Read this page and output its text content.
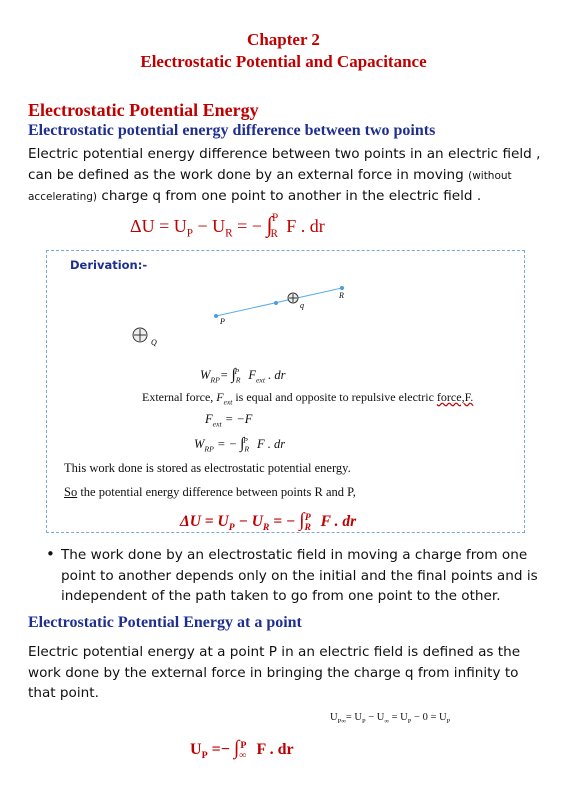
Chapter 2
Electrostatic Potential and Capacitance
Electrostatic Potential Energy
Electrostatic potential energy difference between two points
Electric potential energy difference between two points in an electric field ,
can be defined as the work done by an external force in moving (without
accelerating) charge q from one point to another in the electric field .
$\Delta U = U_P - U_R$ = − $\int_R^P$ F . dr
Derivation:-
P
q
R
Q
$W_{RP}= \int_R^P$ $F_{ext}$ . dr
External force, $F_{ext}$ is equal and opposite to repulsive electric force,F.
$F_{ext} = -F$
$W_{RP}$ = − $\int_R^P$ F . dr
This work done is stored as electrostatic potential energy.
So the potential energy difference between points R and P,
$\Delta U = U_P - U_R$ = − $\int_R^P$ F . dr
• The work done by an electrostatic field in moving a charge from one
point to another depends only on the initial and the final points and is
independent of the path taken to go from one point to the other.
Electrostatic Potential Energy at a point
Electric potential energy at a point P in an electric field is defined as the
work done by the external force in bringing the charge q from infinity to
that point.
$U_{P\infty}= U_P - U_\infty = U_P - 0 = U_P$
$U_P =- \int_\infty^P$ F . dr
